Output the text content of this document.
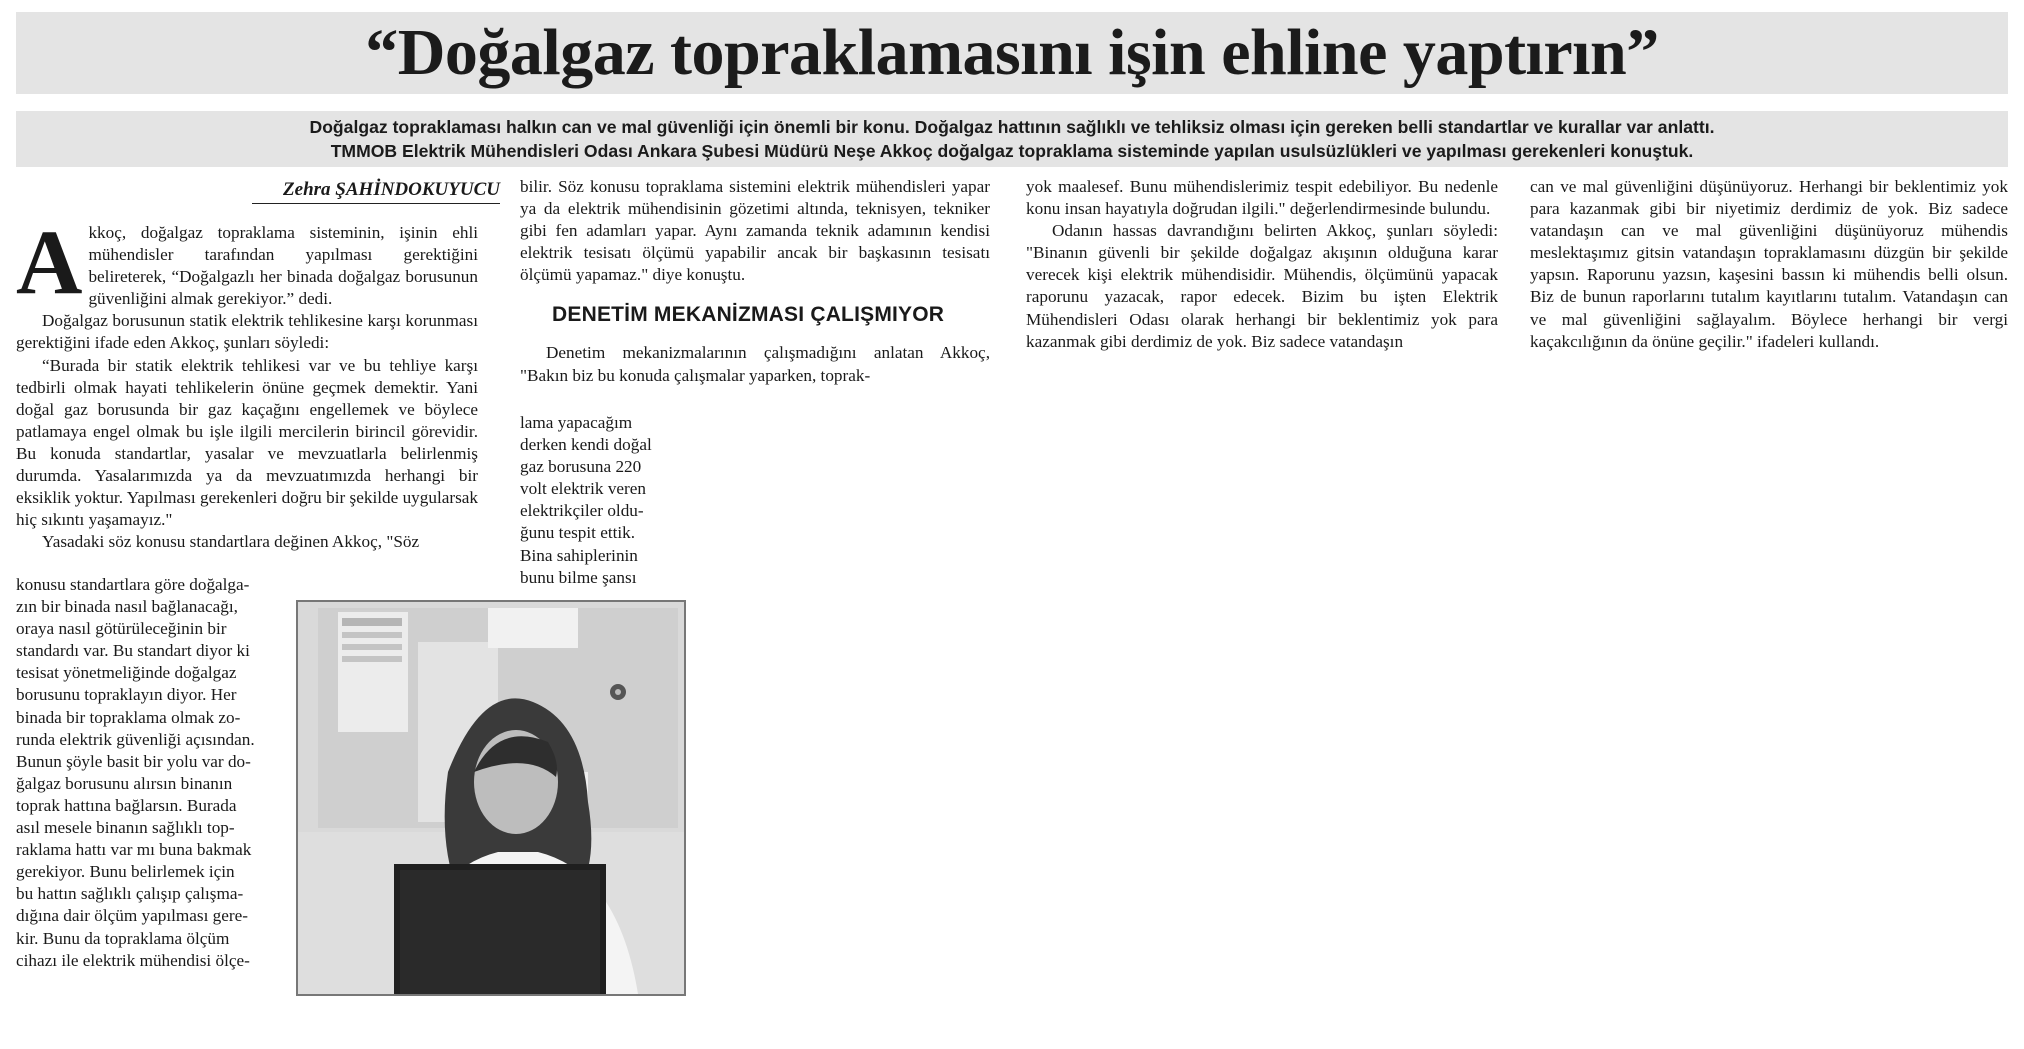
“Doğalgaz topraklamasını işin ehline yaptırın”

Doğalgaz topraklaması halkın can ve mal güvenliği için önemli bir konu. Doğalgaz hattının sağlıklı ve tehliksiz olması için gereken belli standartlar ve kurallar var anlattı.

TMMOB Elektrik Mühendisleri Odası Ankara Şubesi Müdürü Neşe Akkoç doğalgaz topraklama sisteminde yapılan usulsüzlükleri ve yapılması gerekenleri konuştuk.

Zehra ŞAHİNDOKUYUCU

Akkoç, doğalgaz topraklama sisteminin, işinin ehli mühendisler tarafından yapılması gerektiğini belireterek, “Doğalgazlı her binada doğalgaz borusunun güvenliğini almak gerekiyor.” dedi.

Doğalgaz borusunun statik elektrik tehlikesine karşı korunması gerektiğini ifade eden Akkoç, şunları söyledi:

“Burada bir statik elektrik tehlikesi var ve bu tehliye karşı tedbirli olmak hayati tehlikelerin önüne geçmek demektir. Yani doğal gaz borusunda bir gaz kaçağını engellemek ve böylece patlamaya engel olmak bu işle ilgili mercilerin birincil görevidir. Bu konuda standartlar, yasalar ve mevzuatlarla belirlenmiş durumda. Yasalarımızda ya da mevzuatımızda herhangi bir eksiklik yoktur. Yapılması gerekenleri doğru bir şekilde uygularsak hiç sıkıntı yaşamayız."

Yasadaki söz konusu standartlara değinen Akkoç, "Söz

konusu standartlara göre doğalga-
zın bir binada nasıl bağlanacağı,
oraya nasıl götürüleceğinin bir
standardı var. Bu standart diyor ki
tesisat yönetmeliğinde doğalgaz
borusunu topraklayın diyor. Her
binada bir topraklama olmak zo-
runda elektrik güvenliği açısından.
Bunun şöyle basit bir yolu var do-
ğalgaz borusunu alırsın binanın
toprak hattına bağlarsın. Burada
asıl mesele binanın sağlıklı top-
raklama hattı var mı buna bakmak
gerekiyor. Bunu belirlemek için
bu hattın sağlıklı çalışıp çalışma-
dığına dair ölçüm yapılması gere-
kir. Bunu da topraklama ölçüm
cihazı ile elektrik mühendisi ölçe-

bilir. Söz konusu topraklama sistemini elektrik mühendisleri yapar ya da elektrik mühendisinin gözetimi altında, teknisyen, tekniker gibi fen adamları yapar. Aynı zamanda teknik adamının kendisi elektrik tesisatı ölçümü yapabilir ancak bir başkasının tesisatı ölçümü yapamaz." diye konuştu.

DENETİM MEKANİZMASI ÇALIŞMIYOR

Denetim mekanizmalarının çalışmadığını anlatan Akkoç, "Bakın biz bu konuda çalışmalar yaparken, toprak-

lama yapacağım
derken kendi doğal
gaz borusuna 220
volt elektrik veren
elektrikçiler oldu-
ğunu tespit ettik.
Bina sahiplerinin
bunu bilme şansı

yok maalesef. Bunu mühendislerimiz tespit edebiliyor. Bu nedenle konu insan hayatıyla doğrudan ilgili." değerlendirmesinde bulundu.

Odanın hassas davrandığını belirten Akkoç, şunları söyledi: "Binanın güvenli bir şekilde doğalgaz akışının olduğuna karar verecek kişi elektrik mühendisidir. Mühendis, ölçümünü yapacak raporunu yazacak, rapor edecek. Bizim bu işten Elektrik Mühendisleri Odası olarak herhangi bir beklentimiz yok para kazanmak gibi derdimiz de yok. Biz sadece vatandaşın

can ve mal güvenliğini düşünüyoruz. Herhangi bir beklentimiz yok para kazanmak gibi bir niyetimiz derdimiz de yok. Biz sadece vatandaşın can ve mal güvenliğini düşünüyoruz mühendis meslektaşımız gitsin vatandaşın topraklamasını düzgün bir şekilde yapsın. Raporunu yazsın, kaşesini bassın ki mühendis belli olsun. Biz de bunun raporlarını tutalım kayıtlarını tutalım. Vatandaşın can ve mal güvenliğini sağlayalım. Böylece herhangi bir vergi kaçakcılığının da önüne geçilir." ifadeleri kullandı.
